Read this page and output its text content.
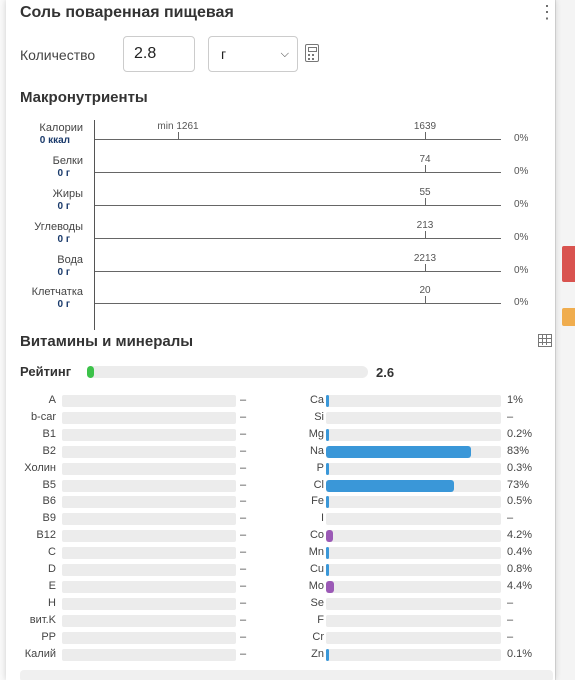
Соль поваренная пищевая	⋮
Количество	2.8	г	⌵
Макронутриенты
Калории
0 ккал
1639
0%
min 1261
Белки
0 г
74
0%
Жиры
0 г
55
0%
Углеводы
0 г
213
0%
Вода
0 г
2213
0%
Клетчатка
0 г
20
0%
Витамины и минералы
Рейтинг	2.6
A	–
b-car	–
B1	–
B2	–
Холин	–
B5	–
B6	–
B9	–
B12	–
C	–
D	–
E	–
H	–
вит.K	–
PP	–
Калий	–
Ca	1%
Si	–
Mg	0.2%
Na	83%
P	0.3%
Cl	73%
Fe	0.5%
I	–
Co	4.2%
Mn	0.4%
Cu	0.8%
Mo	4.4%
Se	–
F	–
Cr	–
Zn	0.1%
